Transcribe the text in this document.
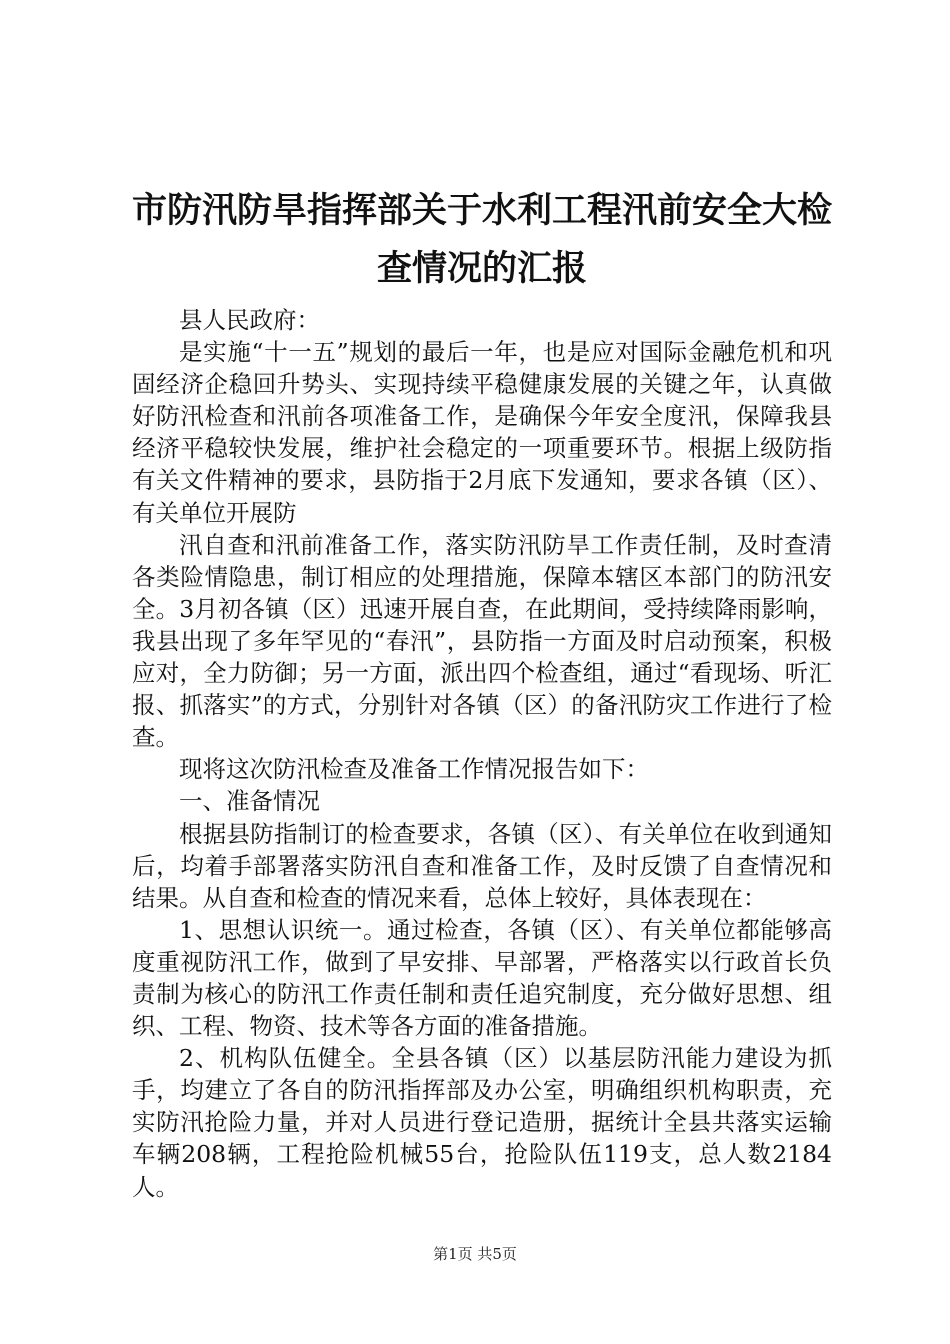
市防汛防旱指挥部关于水利工程汛前安全大检
查情况的汇报

县人民政府：

是实施“十一五”规划的最后一年，也是应对国际金融危机和巩固经济企稳回升势头、实现持续平稳健康发展的关键之年，认真做好防汛检查和汛前各项准备工作，是确保今年安全度汛，保障我县经济平稳较快发展，维护社会稳定的一项重要环节。根据上级防指有关文件精神的要求，县防指于2月底下发通知，要求各镇（区）、有关单位开展防

汛自查和汛前准备工作，落实防汛防旱工作责任制，及时查清各类险情隐患，制订相应的处理措施，保障本辖区本部门的防汛安全。3月初各镇（区）迅速开展自查，在此期间，受持续降雨影响，我县出现了多年罕见的“春汛”，县防指一方面及时启动预案，积极应对，全力防御；另一方面，派出四个检查组，通过“看现场、听汇报、抓落实”的方式，分别针对各镇（区）的备汛防灾工作进行了检查。

现将这次防汛检查及准备工作情况报告如下：

一、准备情况

根据县防指制订的检查要求，各镇（区）、有关单位在收到通知后，均着手部署落实防汛自查和准备工作，及时反馈了自查情况和结果。从自查和检查的情况来看，总体上较好，具体表现在：

1、思想认识统一。通过检查，各镇（区）、有关单位都能够高度重视防汛工作，做到了早安排、早部署，严格落实以行政首长负责制为核心的防汛工作责任制和责任追究制度，充分做好思想、组织、工程、物资、技术等各方面的准备措施。

2、机构队伍健全。全县各镇（区）以基层防汛能力建设为抓手，均建立了各自的防汛指挥部及办公室，明确组织机构职责，充实防汛抢险力量，并对人员进行登记造册，据统计全县共落实运输车辆208辆，工程抢险机械55台，抢险队伍119支，总人数2184人。

第1页 共5页
